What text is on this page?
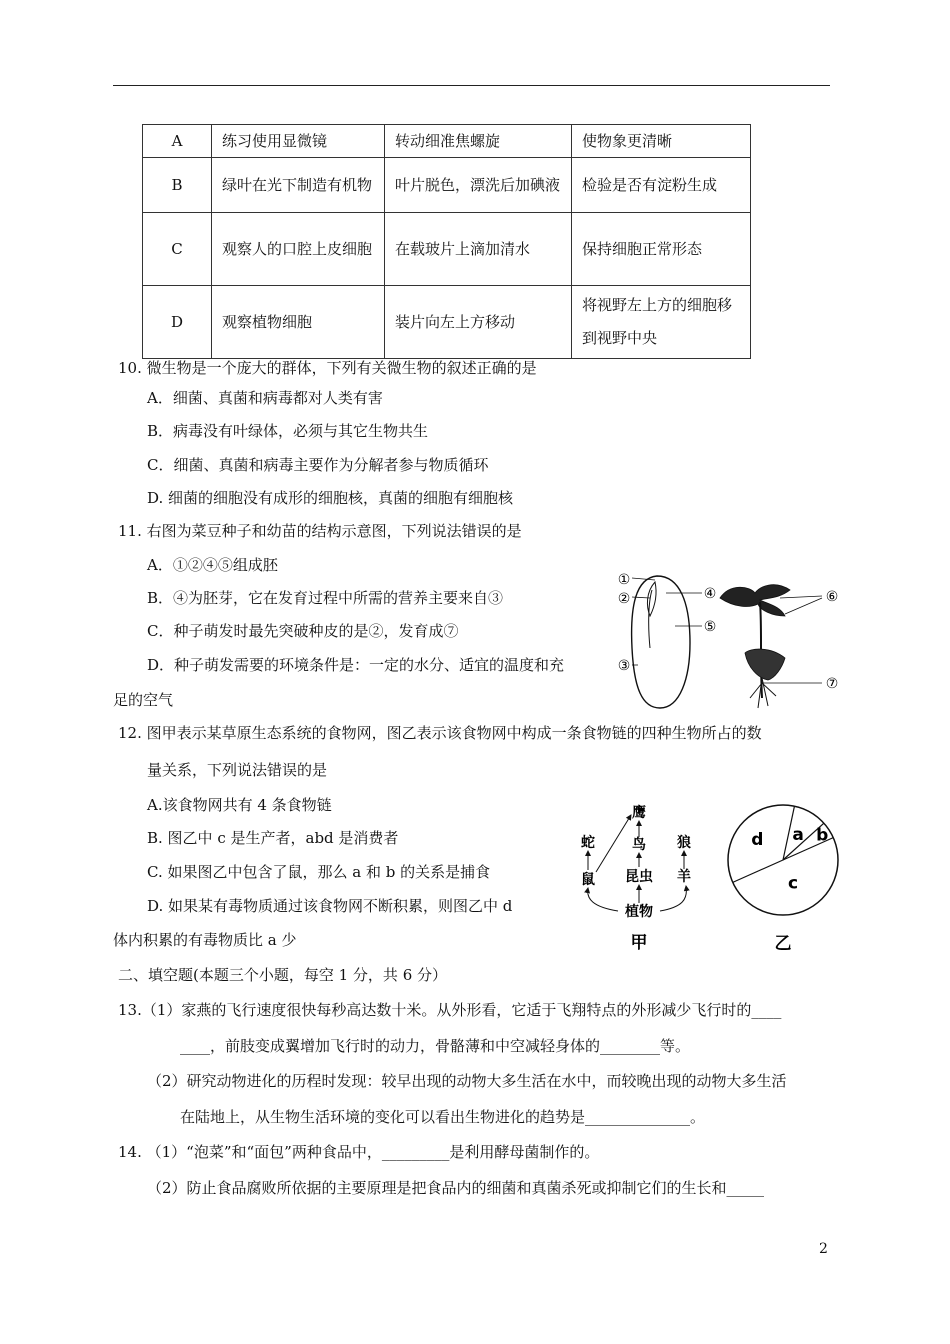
A	练习使用显微镜	转动细准焦螺旋	使物象更清晰
B	绿叶在光下制造有机物	叶片脱色，漂洗后加碘液	检验是否有淀粉生成
C	观察人的口腔上皮细胞	在载玻片上滴加清水	保持细胞正常形态
D	观察植物细胞	装片向左上方移动	将视野左上方的细胞移到视野中央
10. 微生物是一个庞大的群体，下列有关微生物的叙述正确的是
A．细菌、真菌和病毒都对人类有害
B．病毒没有叶绿体，必须与其它生物共生
C．细菌、真菌和病毒主要作为分解者参与物质循环
D. 细菌的细胞没有成形的细胞核，真菌的细胞有细胞核
11. 右图为菜豆种子和幼苗的结构示意图，下列说法错误的是
A．①②④⑤组成胚
B．④为胚芽，它在发育过程中所需的营养主要来自③
C．种子萌发时最先突破种皮的是②，发育成⑦
D．种子萌发需要的环境条件是：一定的水分、适宜的温度和充
足的空气
①
②
③
④
⑤
⑥
⑦
12. 图甲表示某草原生态系统的食物网，图乙表示该食物网中构成一条食物链的四种生物所占的数
量关系，下列说法错误的是
A.该食物网共有 4 条食物链
B. 图乙中 c 是生产者，abd 是消费者
C. 如果图乙中包含了鼠，那么 a 和 b 的关系是捕食
D. 如果某有毒物质通过该食物网不断积累，则图乙中 d
体内积累的有毒物质比 a 少
鹰
鸟
蛇	狼
鼠 昆虫 羊
植物
甲
a b
c
d
乙
二、填空题(本题三个小题，每空 1 分，共 6 分）
13.（1）家燕的飞行速度很快每秒高达数十米。从外形看，它适于飞翔特点的外形减少飞行时的____
____，前肢变成翼增加飞行时的动力，骨骼薄和中空减轻身体的________等。
（2）研究动物进化的历程时发现：较早出现的动物大多生活在水中，而较晚出现的动物大多生活
在陆地上，从生物生活环境的变化可以看出生物进化的趋势是______________。
14. （1）“泡菜”和“面包”两种食品中，_________是利用酵母菌制作的。
（2）防止食品腐败所依据的主要原理是把食品内的细菌和真菌杀死或抑制它们的生长和_____
2
